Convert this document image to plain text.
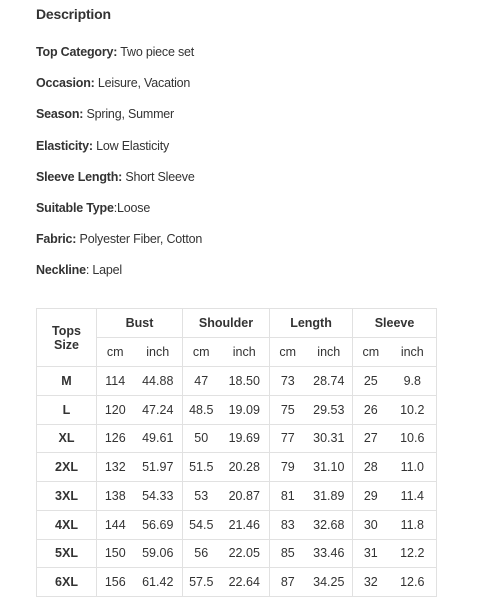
Description
Top Category: Two piece set
Occasion: Leisure, Vacation
Season: Spring, Summer
Elasticity: Low Elasticity
Sleeve Length: Short Sleeve
Suitable Type:Loose
Fabric: Polyester Fiber, Cotton
Neckline: Lapel
Tops
Size	Bust		Shoulder		Length		Sleeve	
	cm	inch	cm	inch	cm	inch	cm	inch
M	114	44.88	47	18.50	73	28.74	25	9.8
L	120	47.24	48.5	19.09	75	29.53	26	10.2
XL	126	49.61	50	19.69	77	30.31	27	10.6
2XL	132	51.97	51.5	20.28	79	31.10	28	11.0
3XL	138	54.33	53	20.87	81	31.89	29	11.4
4XL	144	56.69	54.5	21.46	83	32.68	30	11.8
5XL	150	59.06	56	22.05	85	33.46	31	12.2
6XL	156	61.42	57.5	22.64	87	34.25	32	12.6
